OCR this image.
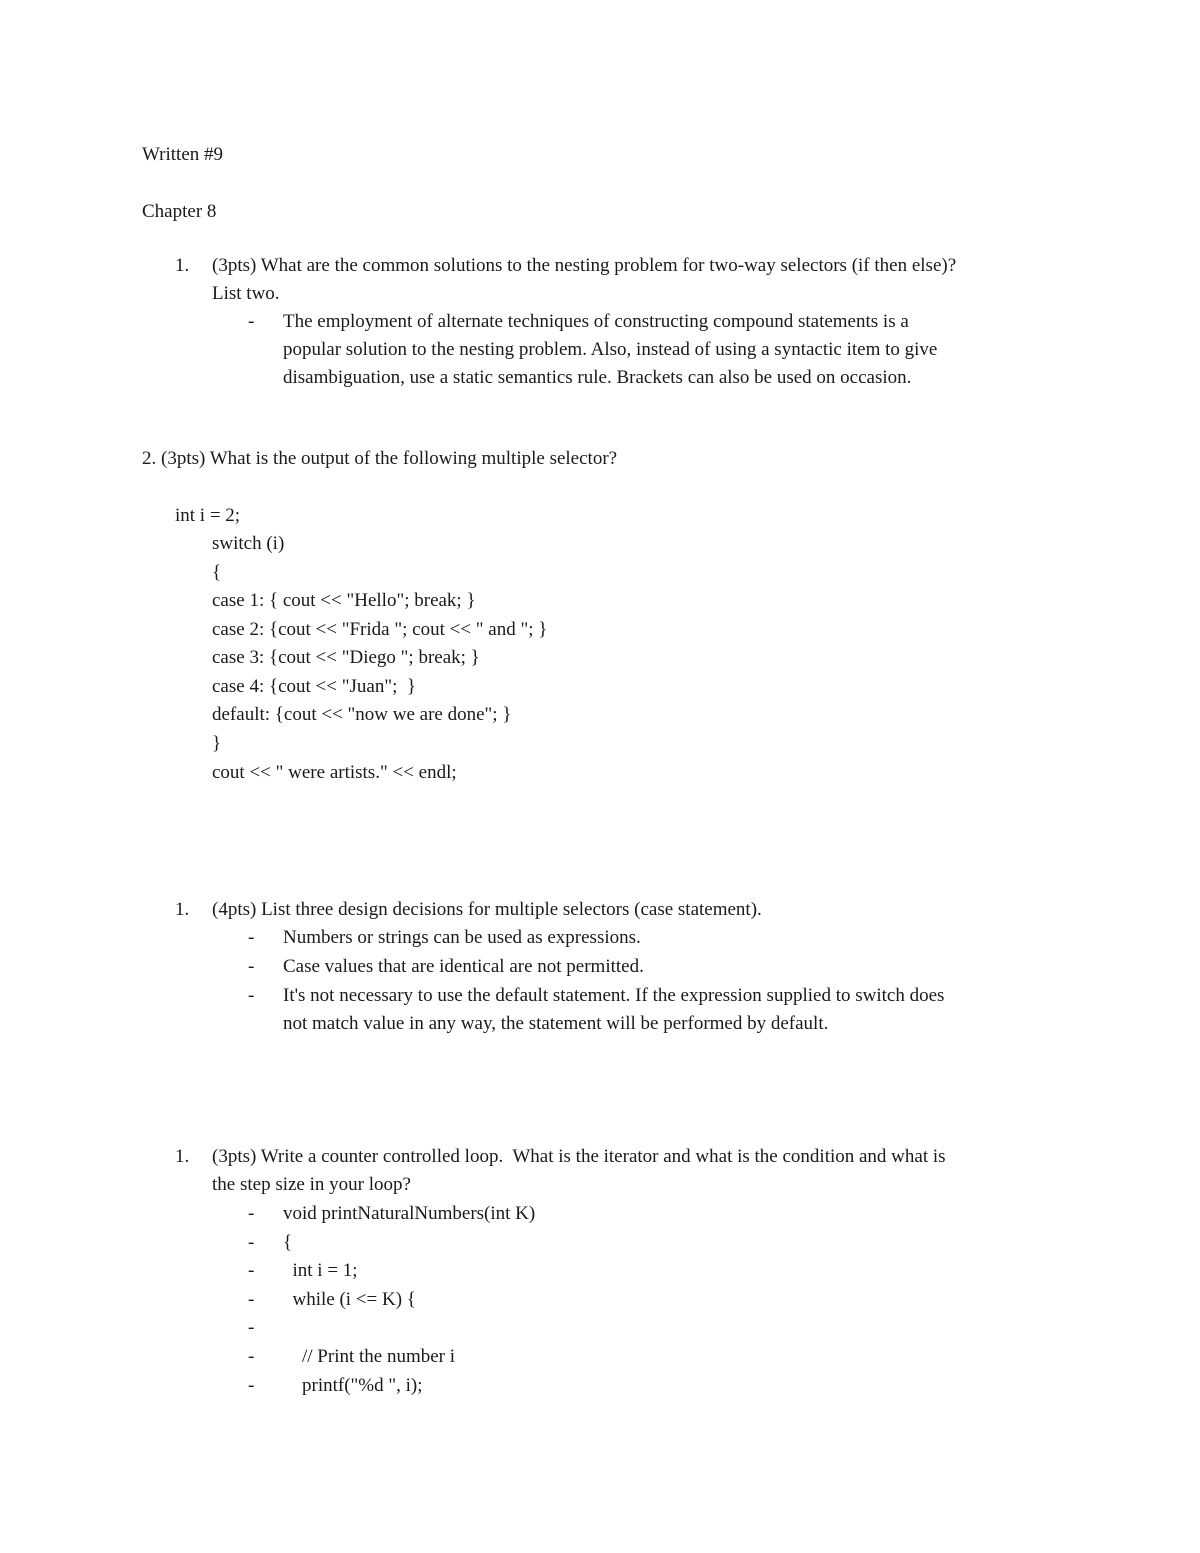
Written #9
Chapter 8
1. (3pts) What are the common solutions to the nesting problem for two-way selectors (if then else)?
List two.
- The employment of alternate techniques of constructing compound statements is a
popular solution to the nesting problem. Also, instead of using a syntactic item to give
disambiguation, use a static semantics rule. Brackets can also be used on occasion.
2. (3pts) What is the output of the following multiple selector?
int i = 2;
switch (i)
{
case 1: { cout << "Hello"; break; }
case 2: {cout << "Frida "; cout << " and "; }
case 3: {cout << "Diego "; break; }
case 4: {cout << "Juan";  }
default: {cout << "now we are done"; }
}
cout << " were artists." << endl;
1. (4pts) List three design decisions for multiple selectors (case statement).
- Numbers or strings can be used as expressions.
- Case values that are identical are not permitted.
- It's not necessary to use the default statement. If the expression supplied to switch does
not match value in any way, the statement will be performed by default.
1. (3pts) Write a counter controlled loop.  What is the iterator and what is the condition and what is
the step size in your loop?
- void printNaturalNumbers(int K)
- {
- int i = 1;
- while (i <= K) {
-
- // Print the number i
- printf("%d ", i);
